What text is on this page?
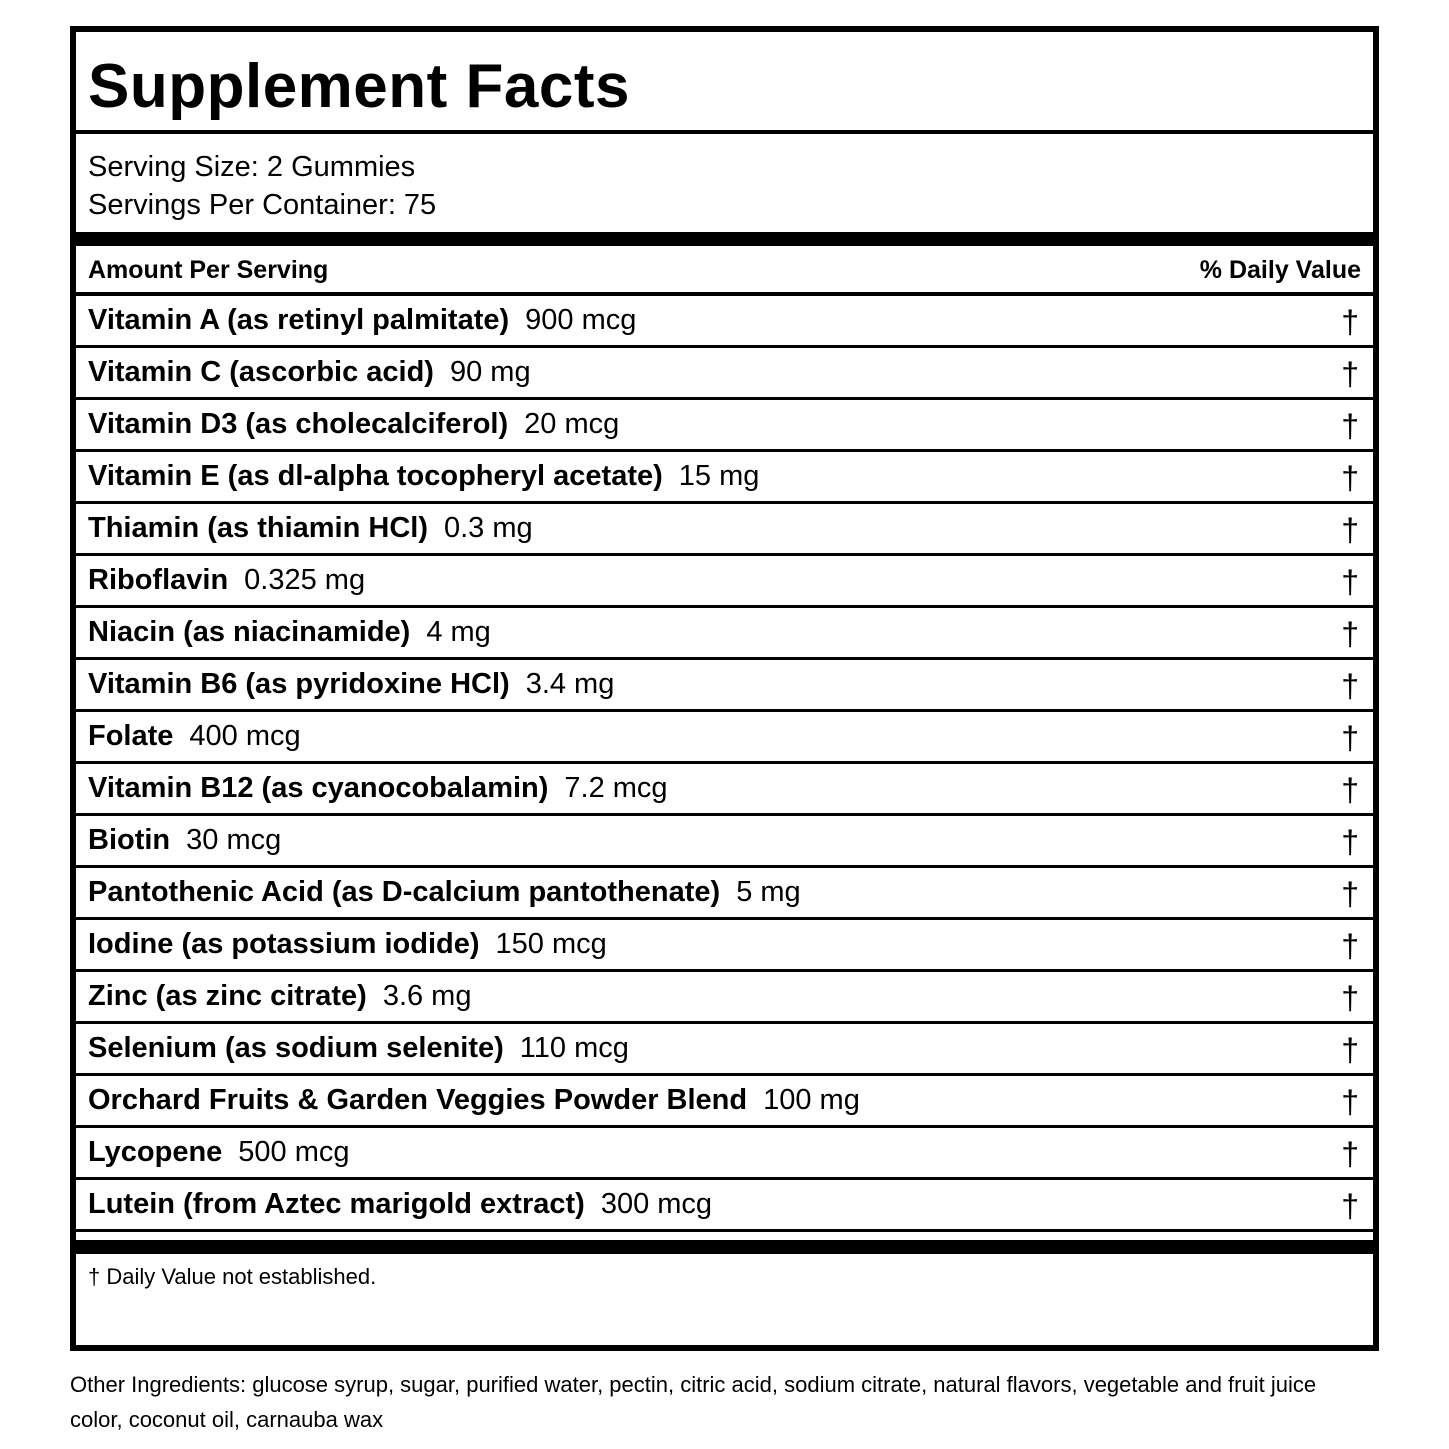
Supplement Facts
Serving Size: 2 Gummies
Servings Per Container: 75
Amount Per Serving	% Daily Value
Vitamin A (as retinyl palmitate) 900 mcg	†
Vitamin C (ascorbic acid) 90 mg	†
Vitamin D3 (as cholecalciferol) 20 mcg	†
Vitamin E (as dl-alpha tocopheryl acetate) 15 mg	†
Thiamin (as thiamin HCl) 0.3 mg	†
Riboflavin 0.325 mg	†
Niacin (as niacinamide) 4 mg	†
Vitamin B6 (as pyridoxine HCl) 3.4 mg	†
Folate 400 mcg	†
Vitamin B12 (as cyanocobalamin) 7.2 mcg	†
Biotin 30 mcg	†
Pantothenic Acid (as D-calcium pantothenate) 5 mg	†
Iodine (as potassium iodide) 150 mcg	†
Zinc (as zinc citrate) 3.6 mg	†
Selenium (as sodium selenite) 110 mcg	†
Orchard Fruits & Garden Veggies Powder Blend 100 mg	†
Lycopene 500 mcg	†
Lutein (from Aztec marigold extract) 300 mcg	†
† Daily Value not established.
Other Ingredients: glucose syrup, sugar, purified water, pectin, citric acid, sodium citrate, natural flavors, vegetable and fruit juice color, coconut oil, carnauba wax
